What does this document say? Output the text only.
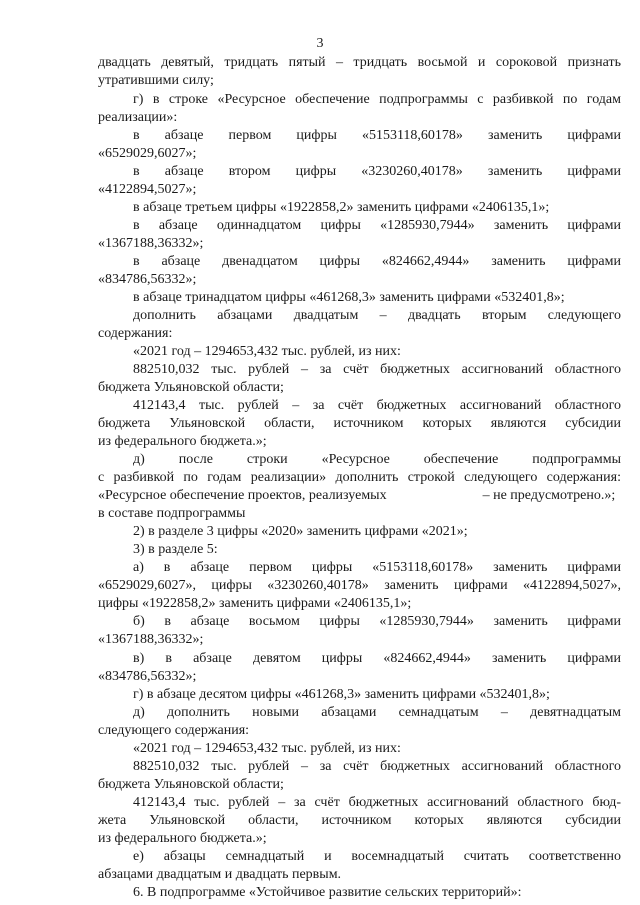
3
двадцать девятый, тридцать пятый – тридцать восьмой и сороковой признать
утратившими силу;
г) в строке «Ресурсное обеспечение подпрограммы с разбивкой по годам
реализации»:
в абзаце первом цифры «5153118,60178» заменить цифрами
«6529029,6027»;
в абзаце втором цифры «3230260,40178» заменить цифрами
«4122894,5027»;
в абзаце третьем цифры «1922858,2» заменить цифрами «2406135,1»;
в абзаце одиннадцатом цифры «1285930,7944» заменить цифрами
«1367188,36332»;
в абзаце двенадцатом цифры «824662,4944» заменить цифрами
«834786,56332»;
в абзаце тринадцатом цифры «461268,3» заменить цифрами «532401,8»;
дополнить абзацами двадцатым – двадцать вторым следующего
содержания:
«2021 год – 1294653,432 тыс. рублей, из них:
882510,032 тыс. рублей – за счёт бюджетных ассигнований областного
бюджета Ульяновской области;
412143,4 тыс. рублей – за счёт бюджетных ассигнований областного
бюджета Ульяновской области, источником которых являются субсидии
из федерального бюджета.»;
д) после строки «Ресурсное обеспечение подпрограммы
с разбивкой по годам реализации» дополнить строкой следующего содержания:
«Ресурсное обеспечение проектов, реализуемых	– не предусмотрено.»;
в составе подпрограммы
2) в разделе 3 цифры «2020» заменить цифрами «2021»;
3) в разделе 5:
а) в абзаце первом цифры «5153118,60178» заменить цифрами
«6529029,6027», цифры «3230260,40178» заменить цифрами «4122894,5027»,
цифры «1922858,2» заменить цифрами «2406135,1»;
б) в абзаце восьмом цифры «1285930,7944» заменить цифрами
«1367188,36332»;
в) в абзаце девятом цифры «824662,4944» заменить цифрами
«834786,56332»;
г) в абзаце десятом цифры «461268,3» заменить цифрами «532401,8»;
д) дополнить новыми абзацами семнадцатым – девятнадцатым
следующего содержания:
«2021 год – 1294653,432 тыс. рублей, из них:
882510,032 тыс. рублей – за счёт бюджетных ассигнований областного
бюджета Ульяновской области;
412143,4 тыс. рублей – за счёт бюджетных ассигнований областного бюд-
жета Ульяновской области, источником которых являются субсидии
из федерального бюджета.»;
е) абзацы семнадцатый и восемнадцатый считать соответственно
абзацами двадцатым и двадцать первым.
6. В подпрограмме «Устойчивое развитие сельских территорий»:
